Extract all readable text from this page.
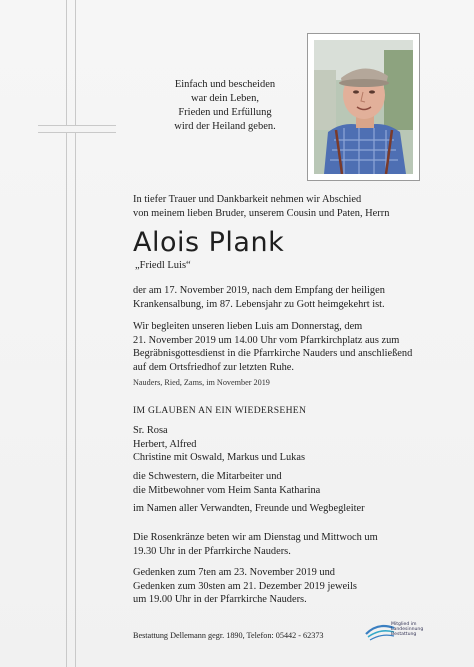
Einfach und bescheiden
war dein Leben,
Frieden und Erfüllung
wird der Heiland geben.
In tiefer Trauer und Dankbarkeit nehmen wir Abschied
von meinem lieben Bruder, unserem Cousin und Paten, Herrn
Alois Plank
„Friedl Luis“
der am 17. November 2019, nach dem Empfang der heiligen
Krankensalbung, im 87. Lebensjahr zu Gott heimgekehrt ist.
Wir begleiten unseren lieben Luis am Donnerstag, dem
21. November 2019 um 14.00 Uhr vom Pfarrkirchplatz aus zum
Begräbnisgottesdienst in die Pfarrkirche Nauders und anschließend
auf dem Ortsfriedhof zur letzten Ruhe.
Nauders, Ried, Zams, im November 2019
IM GLAUBEN AN EIN WIEDERSEHEN
Sr. Rosa
Herbert, Alfred
Christine mit Oswald, Markus und Lukas
die Schwestern, die Mitarbeiter und
die Mitbewohner vom Heim Santa Katharina
im Namen aller Verwandten, Freunde und Wegbegleiter
Die Rosenkränze beten wir am Dienstag und Mittwoch um
19.30 Uhr in der Pfarrkirche Nauders.
Gedenken zum 7ten am 23. November 2019 und
Gedenken zum 30sten am 21. Dezember 2019 jeweils
um 19.00 Uhr in der Pfarrkirche Nauders.
Bestattung Dellemann gegr. 1890, Telefon: 05442 - 62373
Mitglied im
Landesinnung
Bestattung
